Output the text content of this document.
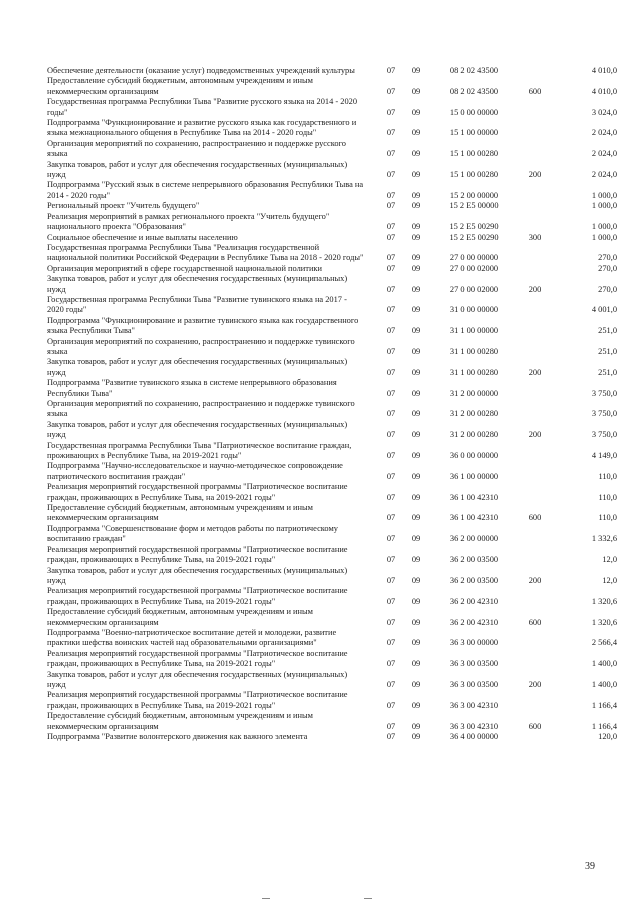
Обеспечение деятельности (оказание услуг) подведомственных учреждений культуры	07	09	08 2 02 43500	4 010,0
Предоставление субсидий бюджетным, автономным учреждениям и иным некоммерческим организациям	07	09	08 2 02 43500	600	4 010,0
Государственная программа Республики Тыва "Развитие русского языка на 2014 - 2020 годы"	07	09	15 0 00 00000	3 024,0
Подпрограмма "Функционирование и развитие русского языка как государственного и языка межнационального общения в Республике Тыва на 2014 - 2020 годы"	07	09	15 1 00 00000	2 024,0
Организация мероприятий по сохранению, распространению и поддержке русского языка	07	09	15 1 00 00280	2 024,0
Закупка товаров, работ и услуг для обеспечения государственных (муниципальных) нужд	07	09	15 1 00 00280	200	2 024,0
Подпрограмма "Русский язык в системе непрерывного образования Республики Тыва на 2014 - 2020 годы"	07	09	15 2 00 00000	1 000,0
Региональный проект "Учитель будущего"	07	09	15 2 E5 00000	1 000,0
Реализация мероприятий в рамках регионального проекта "Учитель будущего" национального проекта "Образования"	07	09	15 2 E5 00290	1 000,0
Социальное обеспечение и иные выплаты населению	07	09	15 2 E5 00290	300	1 000,0
Государственная программа Республики Тыва "Реализация государственной национальной политики Российской Федерации в Республике Тыва на 2018 - 2020 годы"	07	09	27 0 00 00000	270,0
Организация мероприятий в сфере государственной национальной политики	07	09	27 0 00 02000	270,0
Закупка товаров, работ и услуг для обеспечения государственных (муниципальных) нужд	07	09	27 0 00 02000	200	270,0
Государственная программа Республики Тыва "Развитие тувинского языка на 2017 - 2020 годы"	07	09	31 0 00 00000	4 001,0
Подпрограмма "Функционирование и развитие тувинского языка как государственного языка Республики Тыва"	07	09	31 1 00 00000	251,0
Организация мероприятий по сохранению, распространению и поддержке тувинского языка	07	09	31 1 00 00280	251,0
Закупка товаров, работ и услуг для обеспечения государственных (муниципальных) нужд	07	09	31 1 00 00280	200	251,0
Подпрограмма "Развитие тувинского языка в системе непрерывного образования Республики Тыва"	07	09	31 2 00 00000	3 750,0
Организация мероприятий по сохранению, распространению и поддержке тувинского языка	07	09	31 2 00 00280	3 750,0
Закупка товаров, работ и услуг для обеспечения государственных (муниципальных) нужд	07	09	31 2 00 00280	200	3 750,0
Государственная программа Республики Тыва "Патриотическое воспитание граждан, проживающих в Республике Тыва, на 2019-2021 годы"	07	09	36 0 00 00000	4 149,0
Подпрограмма "Научно-исследовательское и научно-методическое сопровождение патриотического воспитания граждан"	07	09	36 1 00 00000	110,0
Реализация мероприятий государственной программы "Патриотическое воспитание граждан, проживающих в Республике Тыва, на 2019-2021 годы"	07	09	36 1 00 42310	110,0
Предоставление субсидий бюджетным, автономным учреждениям и иным некоммерческим организациям	07	09	36 1 00 42310	600	110,0
Подпрограмма "Совершенствование форм и методов работы по патриотическому воспитанию граждан"	07	09	36 2 00 00000	1 332,6
Реализация мероприятий государственной программы "Патриотическое воспитание граждан, проживающих в Республике Тыва, на 2019-2021 годы"	07	09	36 2 00 03500	12,0
Закупка товаров, работ и услуг для обеспечения государственных (муниципальных) нужд	07	09	36 2 00 03500	200	12,0
Реализация мероприятий государственной программы "Патриотическое воспитание граждан, проживающих в Республике Тыва, на 2019-2021 годы"	07	09	36 2 00 42310	1 320,6
Предоставление субсидий бюджетным, автономным учреждениям и иным некоммерческим организациям	07	09	36 2 00 42310	600	1 320,6
Подпрограмма "Военно-патриотическое воспитание детей и молодежи, развитие практики шефства воинских частей над образовательными организациями"	07	09	36 3 00 00000	2 566,4
Реализация мероприятий государственной программы "Патриотическое воспитание граждан, проживающих в Республике Тыва, на 2019-2021 годы"	07	09	36 3 00 03500	1 400,0
Закупка товаров, работ и услуг для обеспечения государственных (муниципальных) нужд	07	09	36 3 00 03500	200	1 400,0
Реализация мероприятий государственной программы "Патриотическое воспитание граждан, проживающих в Республике Тыва, на 2019-2021 годы"	07	09	36 3 00 42310	1 166,4
Предоставление субсидий бюджетным, автономным учреждениям и иным некоммерческим организациям	07	09	36 3 00 42310	600	1 166,4
Подпрограмма "Развитие волонтерского движения как важного элемента	07	09	36 4 00 00000	120,0
39
